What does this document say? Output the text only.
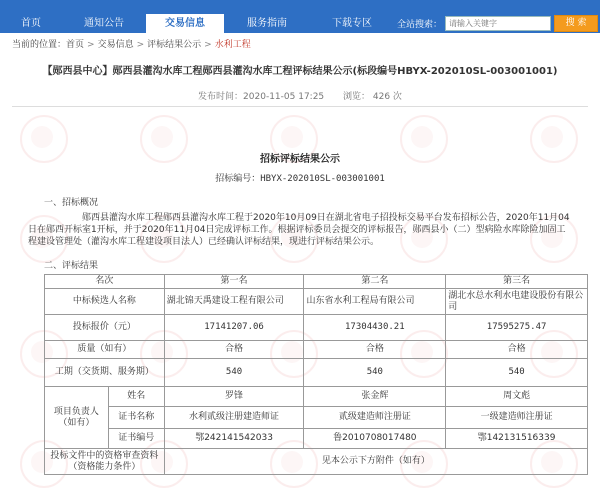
首页	通知公告	交易信息	服务指南	下载专区	全站搜索：
请输入关键字	搜 索
当前的位置：首页 > 交易信息 > 评标结果公示 > 水利工程
【郧西县中心】郧西县灌沟水库工程郧西县灌沟水库工程评标结果公示(标段编号HBYX-202010SL-003001001)
发布时间：2020-11-05 17:25 浏览： 426 次
招标评标结果公示
招标编号：HBYX-202010SL-003001001
一、招标概况
郧西县灌沟水库工程郧西县灌沟水库工程于2020年10月09日在湖北省电子招投标交易平台发布招标公告，2020年11月04日在郧西开标室1开标，并于2020年11月04日完成评标工作。根据评标委员会提交的评标报告，郧西县小（二）型病险水库除险加固工程建设管理处（灌沟水库工程建设项目法人）已经确认评标结果，现进行评标结果公示。
二、评标结果
名次		第一名	第二名	第三名
中标候选人名称		湖北锦天禹建设工程有限公司	山东省水利工程局有限公司	湖北水总水利水电建设股份有限公司
投标报价（元）		17141207.06	17304430.21	17595275.47
质量（如有）		合格	合格	合格
工期（交货期、服务期）		540	540	540
项目负责人（如有）	姓名	罗锋	张金辉	周文彪
	证书名称	水利贰级注册建造师证	贰级建造师注册证	一级建造师注册证
	证书编号	鄂242141542033	鲁2010708017480	鄂142131516339
投标文件中的资格审查资料（资格能力条件）		见本公示下方附件（如有）		
